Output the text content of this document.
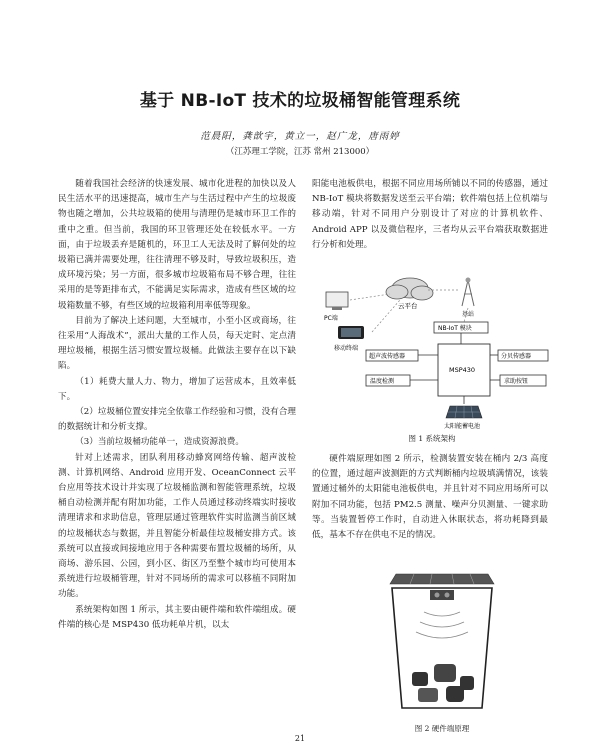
基于 NB-IoT 技术的垃圾桶智能管理系统
范晨阳，龚歆宇，黄立一，赵广龙，唐雨婷
（江苏理工学院，江苏 常州 213000）

随着我国社会经济的快速发展、城市化进程的加快以及人民生活水平的迅速提高，城市生产与生活过程中产生的垃圾废物也随之增加，公共垃圾箱的使用与清理仍是城市环卫工作的重中之重。但当前，我国的环卫管理还处在较低水平。一方面，由于垃圾丢弃是随机的，环卫工人无法及时了解何处的垃圾箱已满并需要处理，往往清理不够及时，导致垃圾积压，造成环境污染；另一方面，很多城市垃圾箱布局不够合理，往往采用的是等距排布式，不能满足实际需求，造成有些区域的垃圾箱数量不够，有些区域的垃圾箱利用率低等现象。

目前为了解决上述问题，大至城市，小至小区或商场，往往采用“人海战术”，派出大量的工作人员，每天定时、定点清理垃圾桶，根据生活习惯安置垃圾桶。此做法主要存在以下缺陷。

（1）耗费大量人力、物力，增加了运营成本，且效率低下。

（2）垃圾桶位置安排完全依靠工作经验和习惯，没有合理的数据统计和分析支撑。

（3）当前垃圾桶功能单一，造成资源浪费。

针对上述需求，团队利用移动蜂窝网络传输、超声波检测、计算机网络、Android 应用开发、OceanConnect 云平台应用等技术设计并实现了垃圾桶监测和智能管理系统，垃圾桶自动检测并配有附加功能，工作人员通过移动终端实时接收清理请求和求助信息，管理层通过管理软件实时监测当前区域的垃圾桶状态与数据，并且智能分析最佳垃圾桶安排方式。该系统可以直接或间接地应用于各种需要布置垃圾桶的场所，从商场、游乐园、公园，到小区、街区乃至整个城市均可使用本系统进行垃圾桶管理，针对不同场所的需求可以移植不同附加功能。

系统架构如图 1 所示，其主要由硬件端和软件端组成。硬件端的核心是 MSP430 低功耗单片机，以太

阳能电池板供电，根据不同应用场所铺以不同的传感器，通过 NB-IoT 模块将数据发送至云平台端；软件端包括上位机端与移动端，针对不同用户分别设计了对应的计算机软件、Android APP 以及微信程序，三者均从云平台端获取数据进行分析和处理。

云平台
PC端
基站
移动终端
NB-IoT 模块
MSP430
超声波传感器
温度检测
分贝传感器
求助按钮
太阳能蓄电池
图 1 系统架构

硬件端原理如图 2 所示，检测装置安装在桶内 2/3 高度的位置，通过超声波测距的方式判断桶内垃圾填满情况，该装置通过桶外的太阳能电池板供电，并且针对不同应用场所可以附加不同功能，包括 PM2.5 测量、噪声分贝测量、一键求助等。当装置暂停工作时，自动进入休眠状态，将功耗降到最低，基本不存在供电不足的情况。

图 2 硬件端原理
21
